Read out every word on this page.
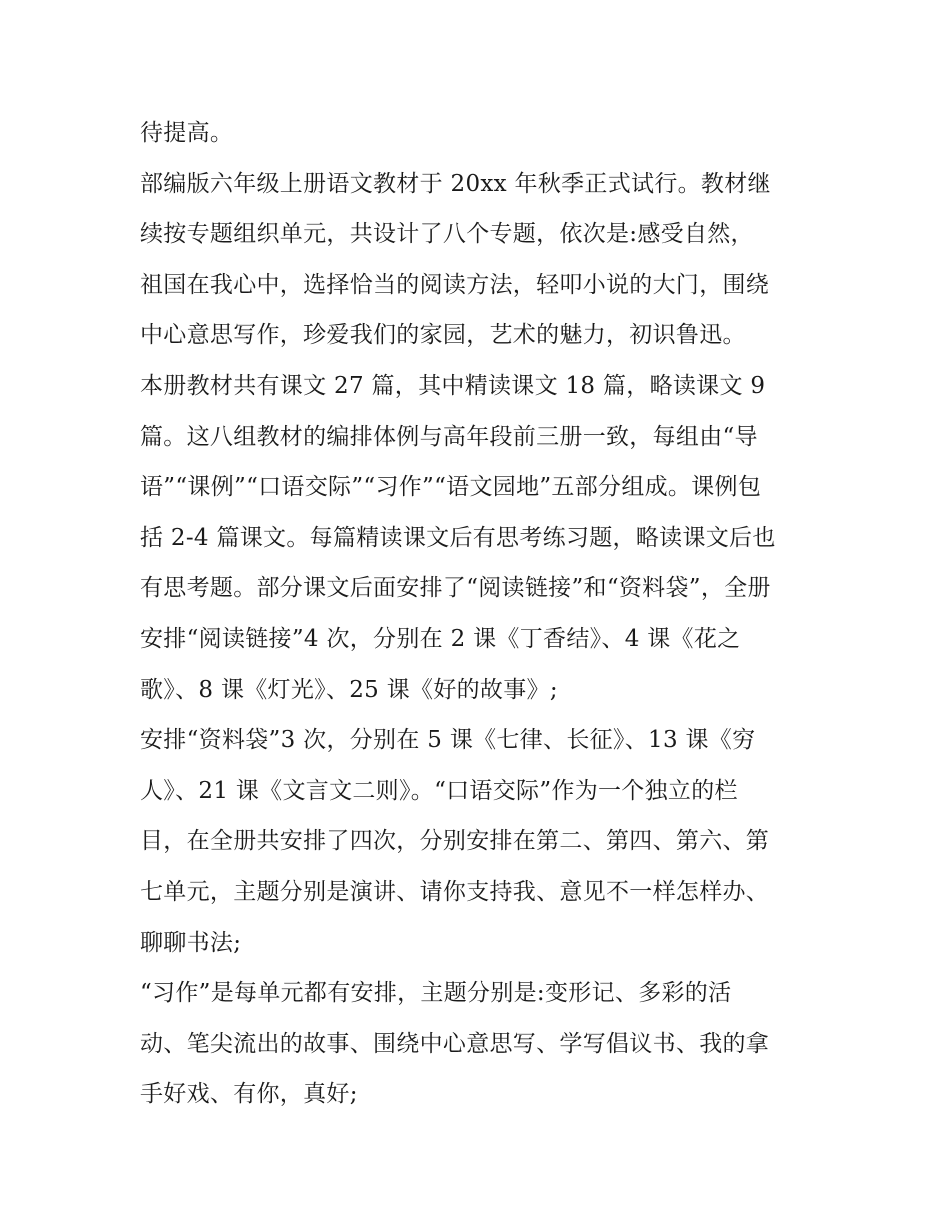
待提高。
部编版六年级上册语文教材于 20xx 年秋季正式试行。教材继
续按专题组织单元，共设计了八个专题，依次是:感受自然，
祖国在我心中，选择恰当的阅读方法，轻叩小说的大门，围绕
中心意思写作，珍爱我们的家园，艺术的魅力，初识鲁迅。
本册教材共有课文 27 篇，其中精读课文 18 篇，略读课文 9
篇。这八组教材的编排体例与高年段前三册一致，每组由“导
语”“课例”“口语交际”“习作”“语文园地”五部分组成。课例包
括 2-4 篇课文。每篇精读课文后有思考练习题，略读课文后也
有思考题。部分课文后面安排了“阅读链接”和“资料袋”，全册
安排“阅读链接”4 次，分别在 2 课《丁香结》、4 课《花之
歌》、8 课《灯光》、25 课《好的故事》;
安排“资料袋”3 次，分别在 5 课《七律、长征》、13 课《穷
人》、21 课《文言文二则》。“口语交际”作为一个独立的栏
目，在全册共安排了四次，分别安排在第二、第四、第六、第
七单元，主题分别是演讲、请你支持我、意见不一样怎样办、
聊聊书法;
“习作”是每单元都有安排，主题分别是:变形记、多彩的活
动、笔尖流出的故事、围绕中心意思写、学写倡议书、我的拿
手好戏、有你，真好;
